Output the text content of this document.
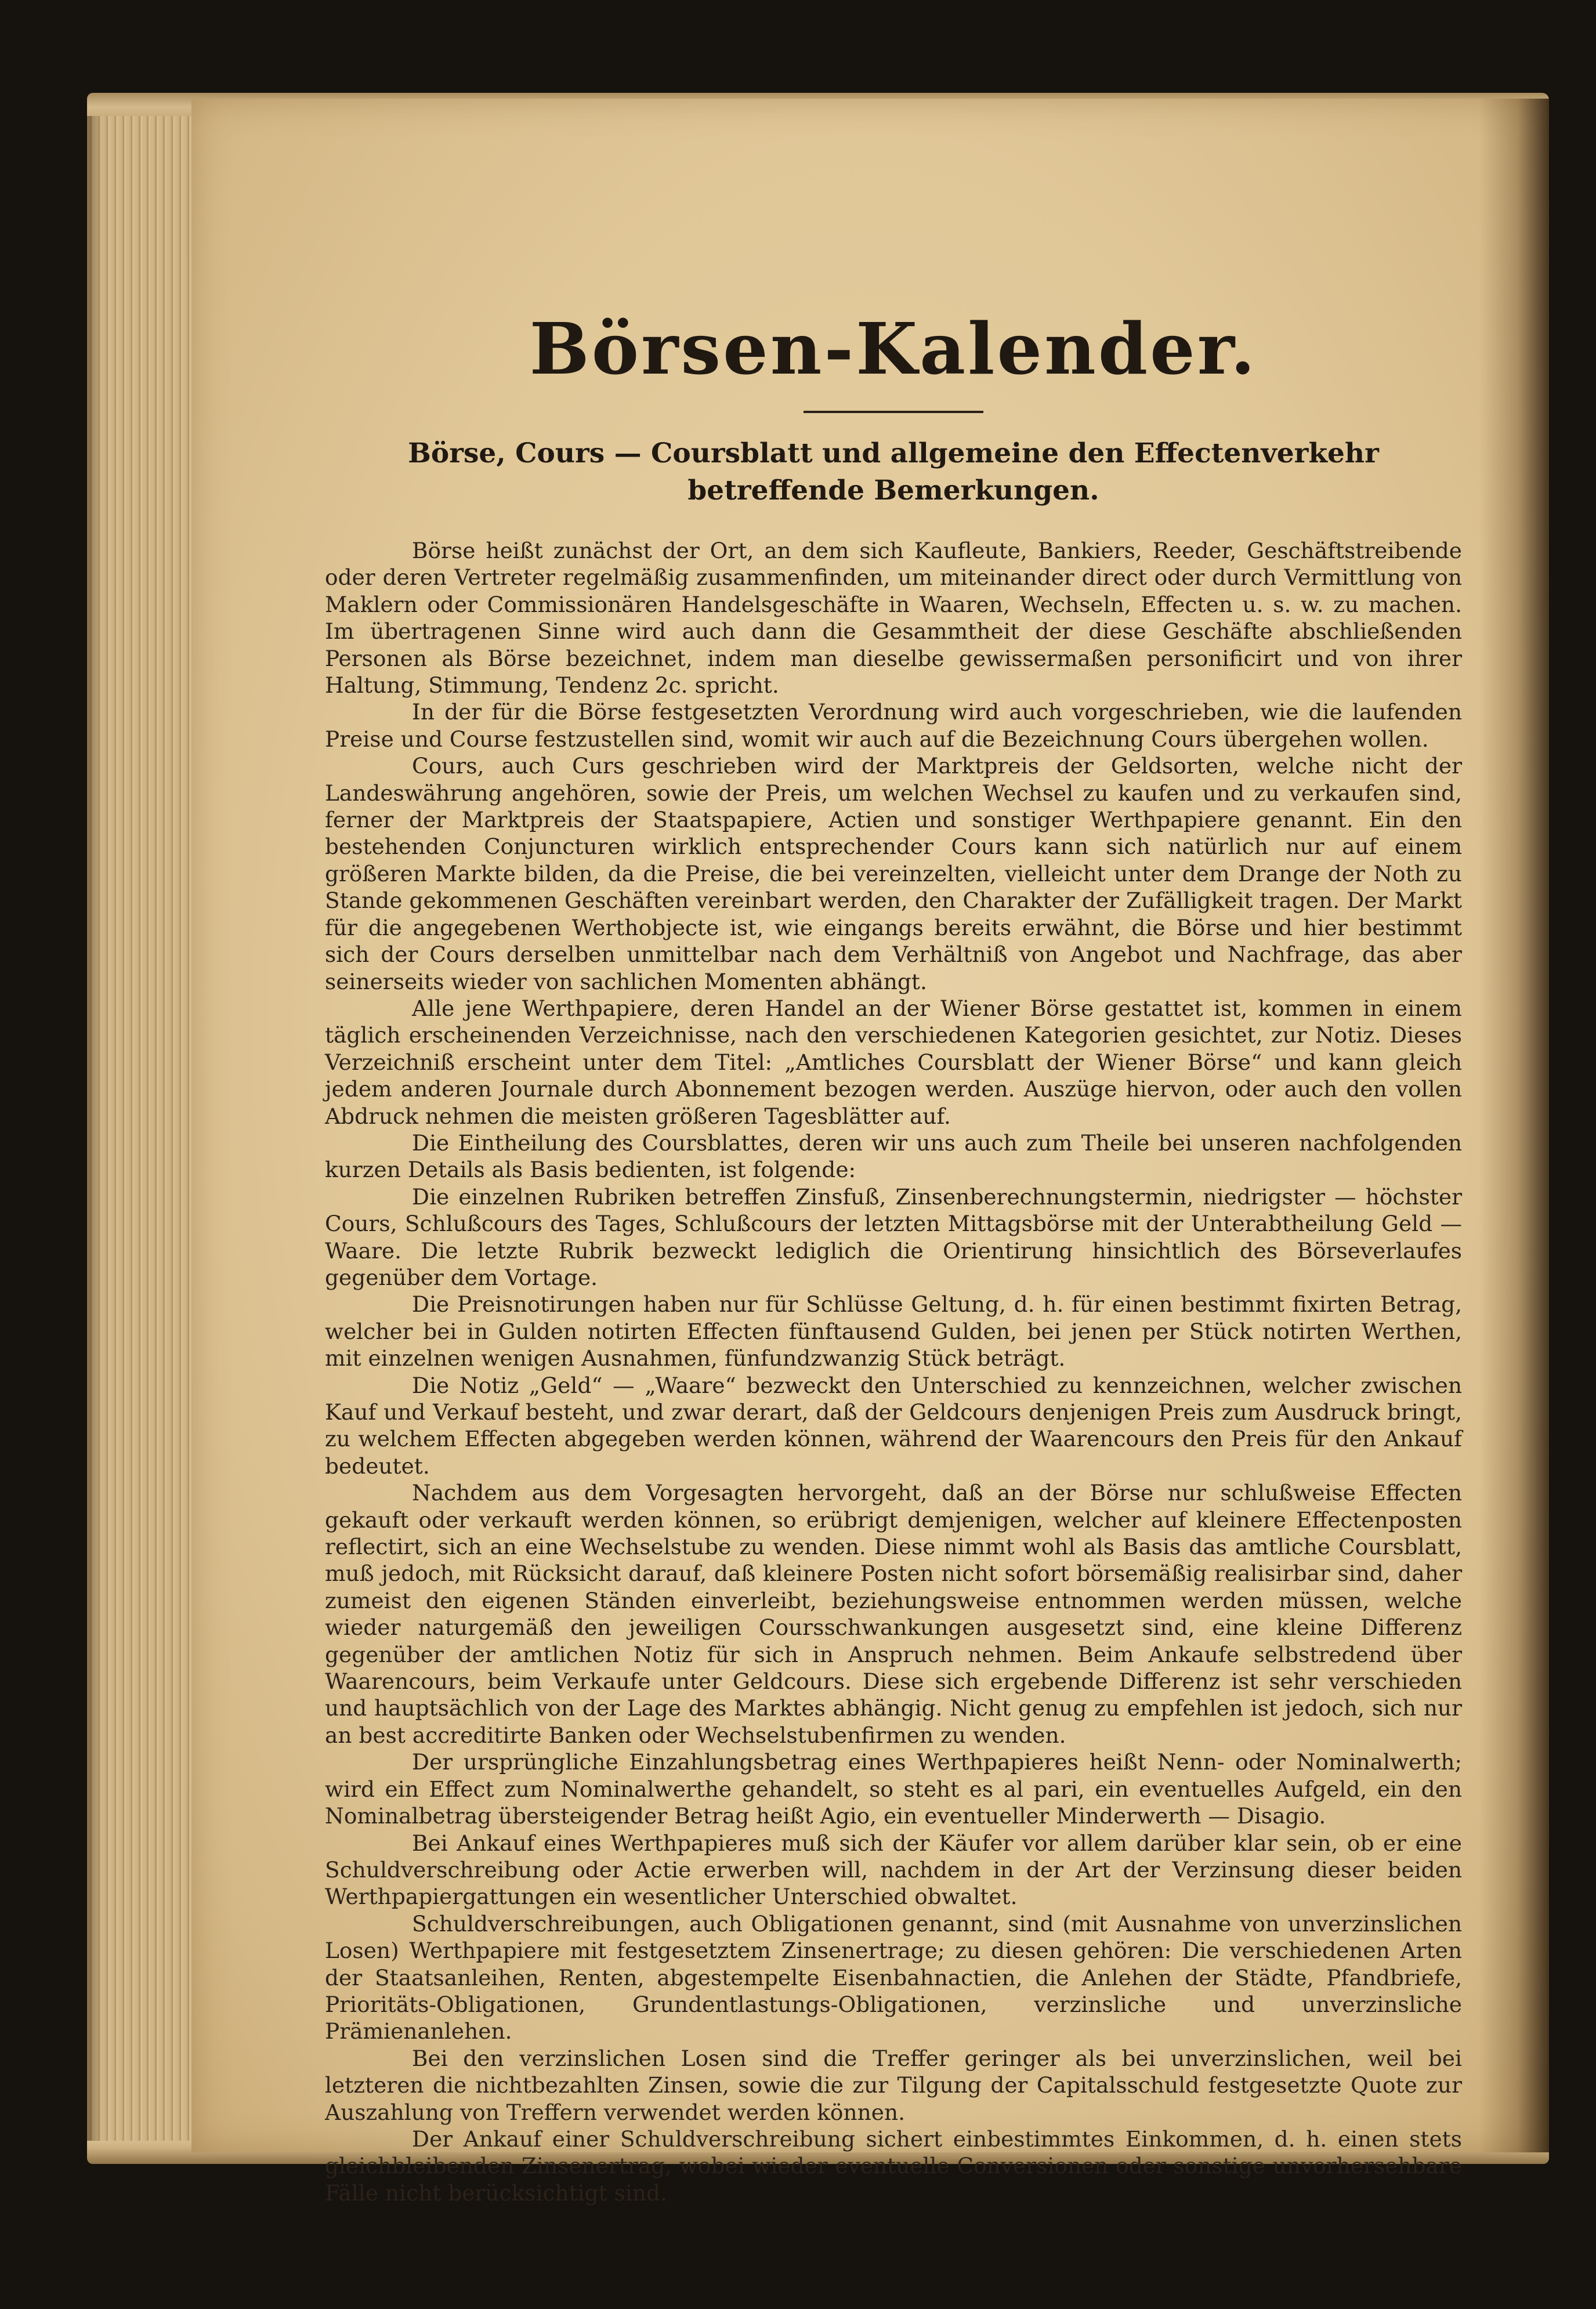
Börsen-Kalender.
Börse, Cours — Coursblatt und allgemeine den Effectenverkehr betreffende Bemerkungen.

Börse heißt zunächst der Ort, an dem sich Kaufleute, Bankiers, Reeder, Geschäftstreibende oder deren Vertreter regelmäßig zusammenfinden, um miteinander direct oder durch Vermittlung von Maklern oder Commissionären Handelsgeschäfte in Waaren, Wechseln, Effecten u. s. w. zu machen. Im übertragenen Sinne wird auch dann die Gesammtheit der diese Geschäfte abschließenden Personen als Börse bezeichnet, indem man dieselbe gewissermaßen personificirt und von ihrer Haltung, Stimmung, Tendenz 2c. spricht.

In der für die Börse festgesetzten Verordnung wird auch vorgeschrieben, wie die laufenden Preise und Course festzustellen sind, womit wir auch auf die Bezeichnung Cours übergehen wollen.

Cours, auch Curs geschrieben wird der Marktpreis der Geldsorten, welche nicht der Landeswährung angehören, sowie der Preis, um welchen Wechsel zu kaufen und zu verkaufen sind, ferner der Marktpreis der Staatspapiere, Actien und sonstiger Werthpapiere genannt. Ein den bestehenden Conjuncturen wirklich entsprechender Cours kann sich natürlich nur auf einem größeren Markte bilden, da die Preise, die bei vereinzelten, vielleicht unter dem Drange der Noth zu Stande gekommenen Geschäften vereinbart werden, den Charakter der Zufälligkeit tragen. Der Markt für die angegebenen Werthobjecte ist, wie eingangs bereits erwähnt, die Börse und hier bestimmt sich der Cours derselben unmittelbar nach dem Verhältniß von Angebot und Nachfrage, das aber seinerseits wieder von sachlichen Momenten abhängt.

Alle jene Werthpapiere, deren Handel an der Wiener Börse gestattet ist, kommen in einem täglich erscheinenden Verzeichnisse, nach den verschiedenen Kategorien gesichtet, zur Notiz. Dieses Verzeichniß erscheint unter dem Titel: „Amtliches Coursblatt der Wiener Börse“ und kann gleich jedem anderen Journale durch Abonnement bezogen werden. Auszüge hiervon, oder auch den vollen Abdruck nehmen die meisten größeren Tagesblätter auf.

Die Eintheilung des Coursblattes, deren wir uns auch zum Theile bei unseren nachfolgenden kurzen Details als Basis bedienten, ist folgende:

Die einzelnen Rubriken betreffen Zinsfuß, Zinsenberechnungstermin, niedrigster — höchster Cours, Schlußcours des Tages, Schlußcours der letzten Mittagsbörse mit der Unterabtheilung Geld — Waare. Die letzte Rubrik bezweckt lediglich die Orientirung hinsichtlich des Börseverlaufes gegenüber dem Vortage.

Die Preisnotirungen haben nur für Schlüsse Geltung, d. h. für einen bestimmt fixirten Betrag, welcher bei in Gulden notirten Effecten fünftausend Gulden, bei jenen per Stück notirten Werthen, mit einzelnen wenigen Ausnahmen, fünfundzwanzig Stück beträgt.

Die Notiz „Geld“ — „Waare“ bezweckt den Unterschied zu kennzeichnen, welcher zwischen Kauf und Verkauf besteht, und zwar derart, daß der Geldcours denjenigen Preis zum Ausdruck bringt, zu welchem Effecten abgegeben werden können, während der Waarencours den Preis für den Ankauf bedeutet.

Nachdem aus dem Vorgesagten hervorgeht, daß an der Börse nur schlußweise Effecten gekauft oder verkauft werden können, so erübrigt demjenigen, welcher auf kleinere Effectenposten reflectirt, sich an eine Wechselstube zu wenden. Diese nimmt wohl als Basis das amtliche Coursblatt, muß jedoch, mit Rücksicht darauf, daß kleinere Posten nicht sofort börsemäßig realisirbar sind, daher zumeist den eigenen Ständen einverleibt, beziehungsweise entnommen werden müssen, welche wieder naturgemäß den jeweiligen Coursschwankungen ausgesetzt sind, eine kleine Differenz gegenüber der amtlichen Notiz für sich in Anspruch nehmen. Beim Ankaufe selbstredend über Waarencours, beim Verkaufe unter Geldcours. Diese sich ergebende Differenz ist sehr verschieden und hauptsächlich von der Lage des Marktes abhängig. Nicht genug zu empfehlen ist jedoch, sich nur an best accreditirte Banken oder Wechselstubenfirmen zu wenden.

Der ursprüngliche Einzahlungsbetrag eines Werthpapieres heißt Nenn- oder Nominalwerth; wird ein Effect zum Nominalwerthe gehandelt, so steht es al pari, ein eventuelles Aufgeld, ein den Nominalbetrag übersteigender Betrag heißt Agio, ein eventueller Minderwerth — Disagio.

Bei Ankauf eines Werthpapieres muß sich der Käufer vor allem darüber klar sein, ob er eine Schuldverschreibung oder Actie erwerben will, nachdem in der Art der Verzinsung dieser beiden Werthpapiergattungen ein wesentlicher Unterschied obwaltet.

Schuldverschreibungen, auch Obligationen genannt, sind (mit Ausnahme von unverzinslichen Losen) Werthpapiere mit festgesetztem Zinsenertrage; zu diesen gehören: Die verschiedenen Arten der Staatsanleihen, Renten, abgestempelte Eisenbahnactien, die Anlehen der Städte, Pfandbriefe, Prioritäts-Obligationen, Grundentlastungs-Obligationen, verzinsliche und unverzinsliche Prämienanlehen.

Bei den verzinslichen Losen sind die Treffer geringer als bei unverzinslichen, weil bei letzteren die nichtbezahlten Zinsen, sowie die zur Tilgung der Capitalsschuld festgesetzte Quote zur Auszahlung von Treffern verwendet werden können.

Der Ankauf einer Schuldverschreibung sichert einbestimmtes Einkommen, d. h. einen stets gleichbleibenden Zinsenertrag, wobei wieder eventuelle Conversionen oder sonstige unvorhersehbare Fälle nicht berücksichtigt sind.
